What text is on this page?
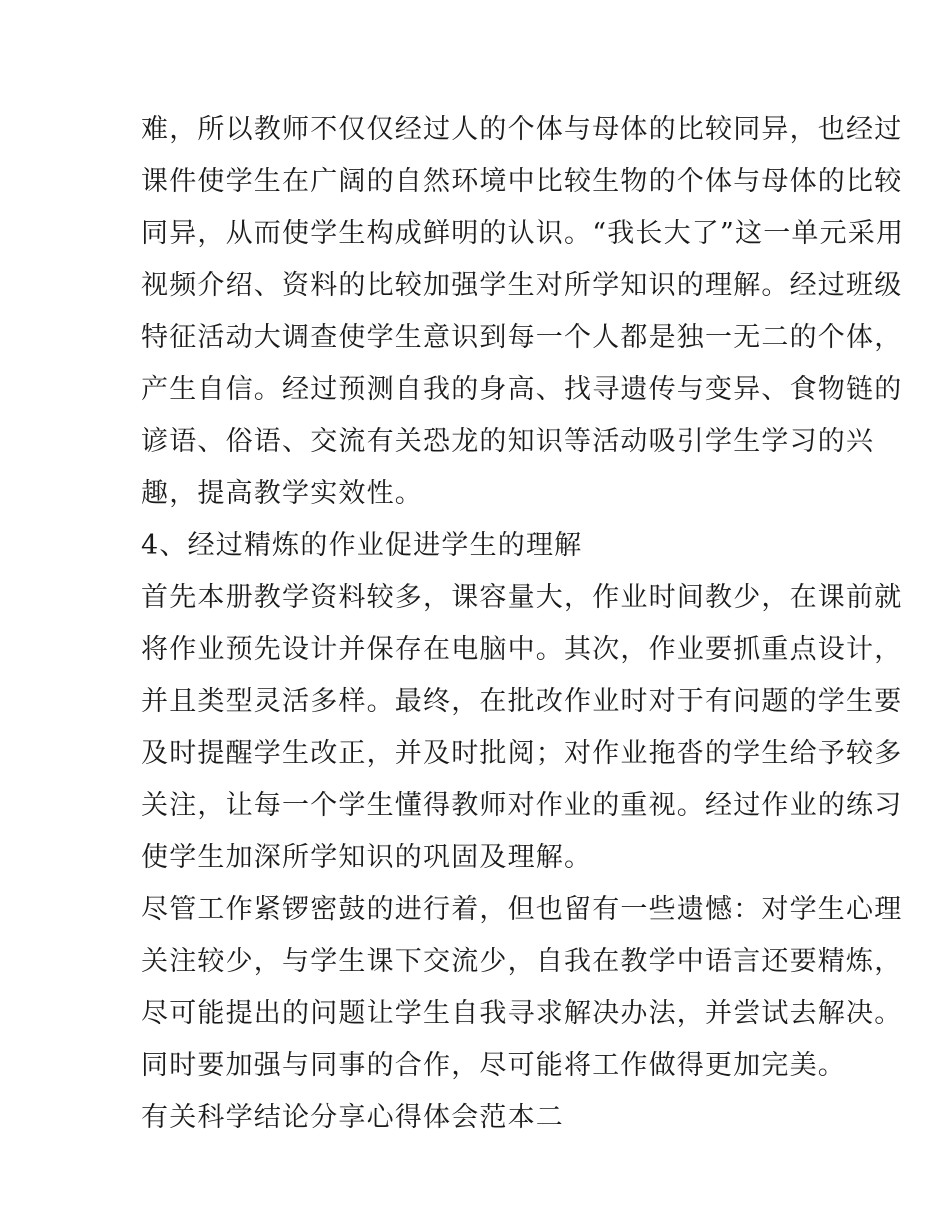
难，所以教师不仅仅经过人的个体与母体的比较同异，也经过
课件使学生在广阔的自然环境中比较生物的个体与母体的比较
同异，从而使学生构成鲜明的认识。“我长大了”这一单元采用
视频介绍、资料的比较加强学生对所学知识的理解。经过班级
特征活动大调查使学生意识到每一个人都是独一无二的个体，
产生自信。经过预测自我的身高、找寻遗传与变异、食物链的
谚语、俗语、交流有关恐龙的知识等活动吸引学生学习的兴
趣，提高教学实效性。
4、经过精炼的作业促进学生的理解
首先本册教学资料较多，课容量大，作业时间教少，在课前就
将作业预先设计并保存在电脑中。其次，作业要抓重点设计，
并且类型灵活多样。最终，在批改作业时对于有问题的学生要
及时提醒学生改正，并及时批阅；对作业拖沓的学生给予较多
关注，让每一个学生懂得教师对作业的重视。经过作业的练习
使学生加深所学知识的巩固及理解。
尽管工作紧锣密鼓的进行着，但也留有一些遗憾：对学生心理
关注较少，与学生课下交流少，自我在教学中语言还要精炼，
尽可能提出的问题让学生自我寻求解决办法，并尝试去解决。
同时要加强与同事的合作，尽可能将工作做得更加完美。
有关科学结论分享心得体会范本二
